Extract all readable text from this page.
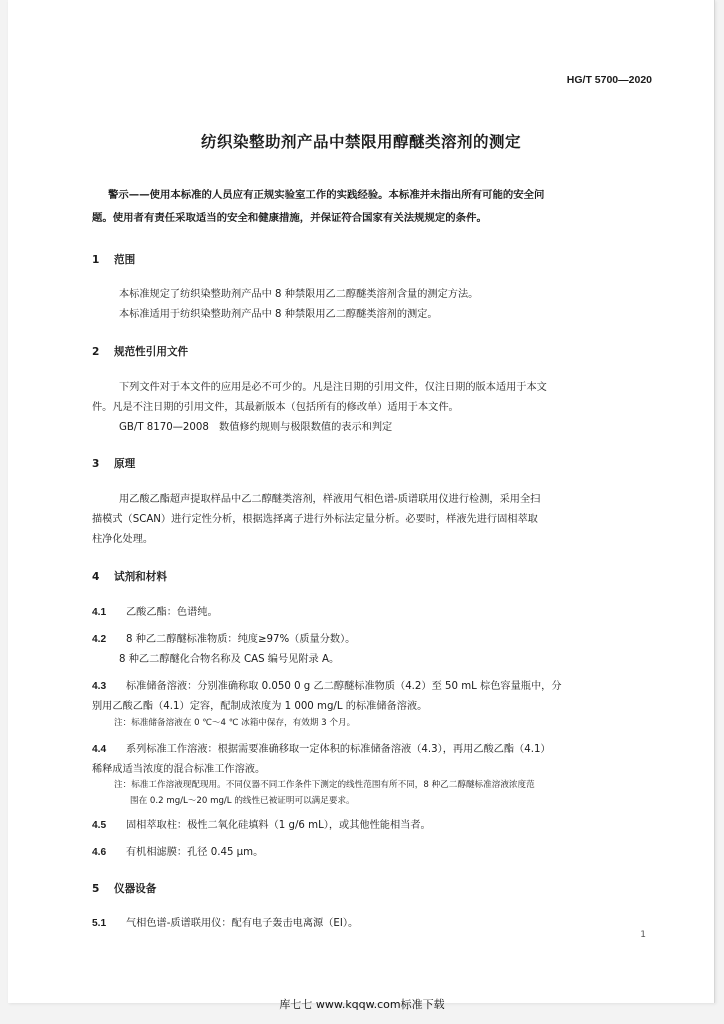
HG/T 5700—2020
纺织染整助剂产品中禁限用醇醚类溶剂的测定
警示——使用本标准的人员应有正规实验室工作的实践经验。本标准并未指出所有可能的安全问
题。使用者有责任采取适当的安全和健康措施，并保证符合国家有关法规规定的条件。
1 范围
本标准规定了纺织染整助剂产品中 8 种禁限用乙二醇醚类溶剂含量的测定方法。
本标准适用于纺织染整助剂产品中 8 种禁限用乙二醇醚类溶剂的测定。
2 规范性引用文件
下列文件对于本文件的应用是必不可少的。凡是注日期的引用文件，仅注日期的版本适用于本文
件。凡是不注日期的引用文件，其最新版本（包括所有的修改单）适用于本文件。
GB/T 8170—2008　数值修约规则与极限数值的表示和判定
3 原理
用乙酸乙酯超声提取样品中乙二醇醚类溶剂，样液用气相色谱-质谱联用仪进行检测，采用全扫
描模式（SCAN）进行定性分析，根据选择离子进行外标法定量分析。必要时，样液先进行固相萃取
柱净化处理。
4 试剂和材料
4.1 乙酸乙酯：色谱纯。
4.2 8 种乙二醇醚标准物质：纯度≥97%（质量分数）。
8 种乙二醇醚化合物名称及 CAS 编号见附录 A。
4.3 标准储备溶液：分别准确称取 0.050 0 g 乙二醇醚标准物质（4.2）至 50 mL 棕色容量瓶中，分
别用乙酸乙酯（4.1）定容，配制成浓度为 1 000 mg/L 的标准储备溶液。
注：标准储备溶液在 0 ℃～4 ℃ 冰箱中保存，有效期 3 个月。
4.4 系列标准工作溶液：根据需要准确移取一定体积的标准储备溶液（4.3），再用乙酸乙酯（4.1）
稀释成适当浓度的混合标准工作溶液。
注：标准工作溶液现配现用。不同仪器不同工作条件下测定的线性范围有所不同，8 种乙二醇醚标准溶液浓度范
围在 0.2 mg/L～20 mg/L 的线性已被证明可以满足要求。
4.5 固相萃取柱：极性二氧化硅填料（1 g/6 mL），或其他性能相当者。
4.6 有机相滤膜：孔径 0.45 μm。
5 仪器设备
5.1 气相色谱-质谱联用仪：配有电子轰击电离源（EI）。
1
库七七 www.kqqw.com标准下载
